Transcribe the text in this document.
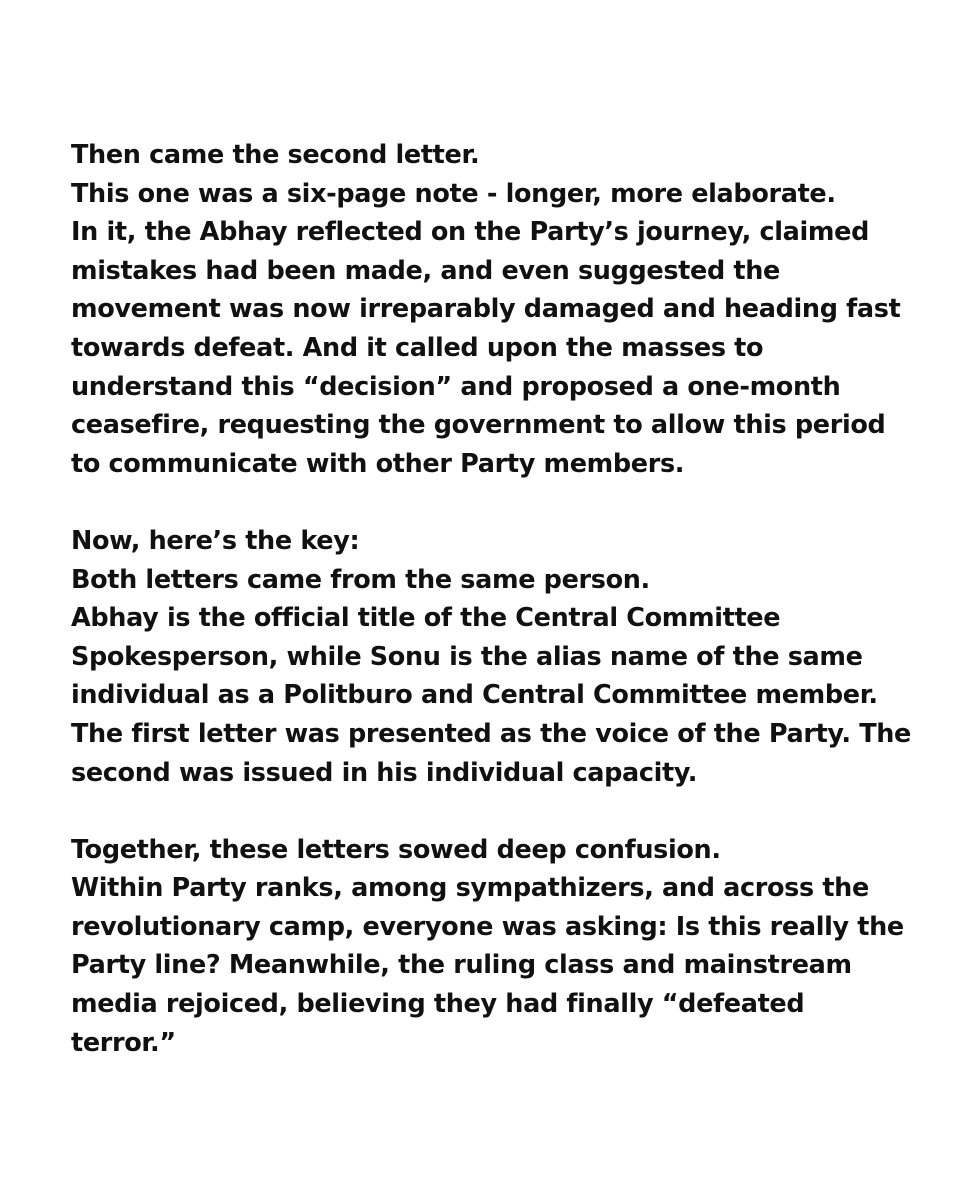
Then came the second letter.
This one was a six-page note - longer, more elaborate.
In it, the Abhay reflected on the Party’s journey, claimed
mistakes had been made, and even suggested the
movement was now irreparably damaged and heading fast
towards defeat. And it called upon the masses to
understand this “decision” and proposed a one-month
ceasefire, requesting the government to allow this period
to communicate with other Party members.
Now, here’s the key:
Both letters came from the same person.
Abhay is the official title of the Central Committee
Spokesperson, while Sonu is the alias name of the same
individual as a Politburo and Central Committee member.
The first letter was presented as the voice of the Party. The
second was issued in his individual capacity.
Together, these letters sowed deep confusion.
Within Party ranks, among sympathizers, and across the
revolutionary camp, everyone was asking: Is this really the
Party line? Meanwhile, the ruling class and mainstream
media rejoiced, believing they had finally “defeated
terror.”
